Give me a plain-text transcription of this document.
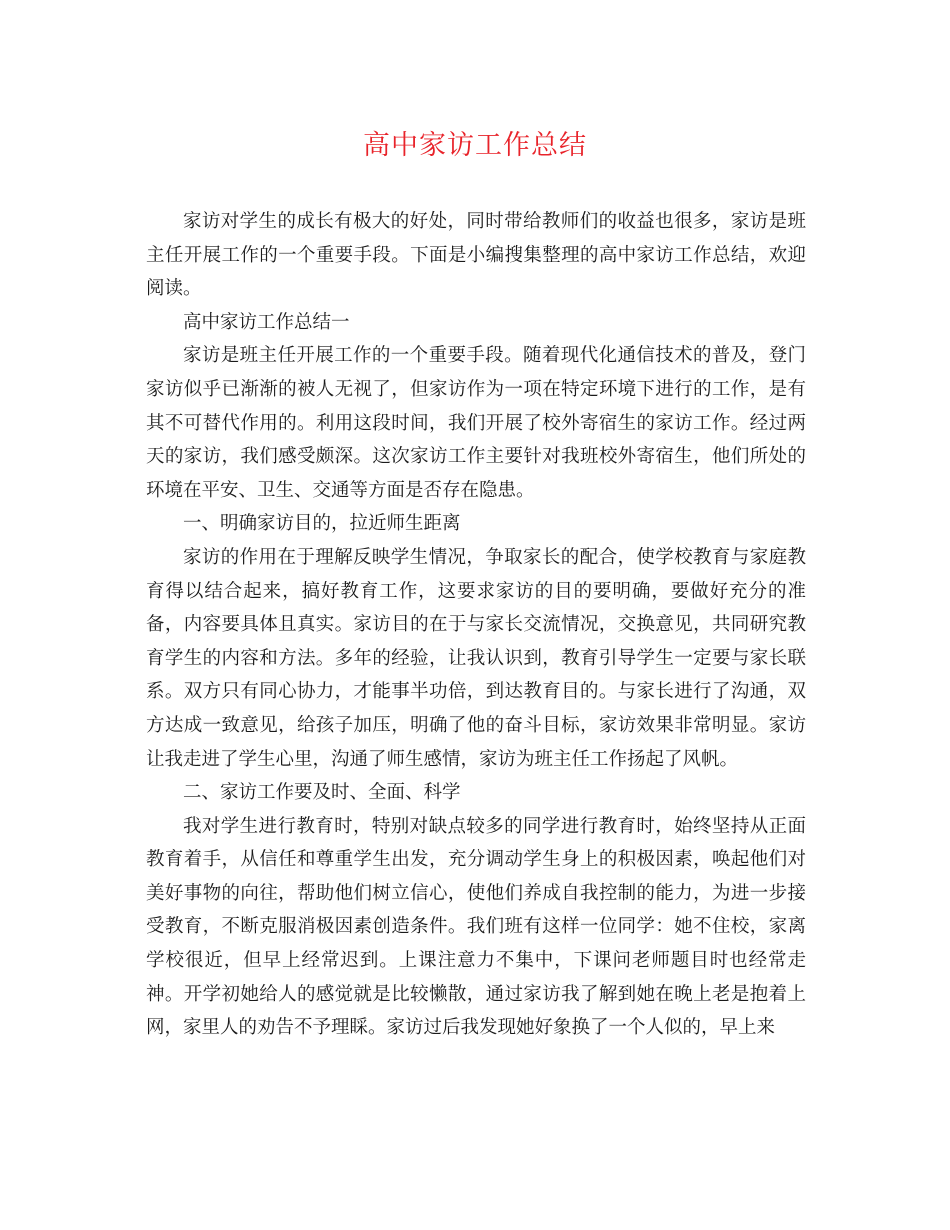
高中家访工作总结

家访对学生的成长有极大的好处，同时带给教师们的收益也很多，家访是班主任开展工作的一个重要手段。下面是小编搜集整理的高中家访工作总结，欢迎阅读。

高中家访工作总结一

家访是班主任开展工作的一个重要手段。随着现代化通信技术的普及，登门家访似乎已渐渐的被人无视了，但家访作为一项在特定环境下进行的工作，是有其不可替代作用的。利用这段时间，我们开展了校外寄宿生的家访工作。经过两天的家访，我们感受颇深。这次家访工作主要针对我班校外寄宿生，他们所处的环境在平安、卫生、交通等方面是否存在隐患。

一、明确家访目的，拉近师生距离

家访的作用在于理解反映学生情况，争取家长的配合，使学校教育与家庭教育得以结合起来，搞好教育工作，这要求家访的目的要明确，要做好充分的准备，内容要具体且真实。家访目的在于与家长交流情况，交换意见，共同研究教育学生的内容和方法。多年的经验，让我认识到，教育引导学生一定要与家长联系。双方只有同心协力，才能事半功倍，到达教育目的。与家长进行了沟通，双方达成一致意见，给孩子加压，明确了他的奋斗目标，家访效果非常明显。家访让我走进了学生心里，沟通了师生感情，家访为班主任工作扬起了风帆。

二、家访工作要及时、全面、科学

我对学生进行教育时，特别对缺点较多的同学进行教育时，始终坚持从正面教育着手，从信任和尊重学生出发，充分调动学生身上的积极因素，唤起他们对美好事物的向往，帮助他们树立信心，使他们养成自我控制的能力，为进一步接受教育，不断克服消极因素创造条件。我们班有这样一位同学：她不住校，家离学校很近，但早上经常迟到。上课注意力不集中，下课问老师题目时也经常走神。开学初她给人的感觉就是比较懒散，通过家访我了解到她在晚上老是抱着上网，家里人的劝告不予理睬。家访过后我发现她好象换了一个人似的，早上来
